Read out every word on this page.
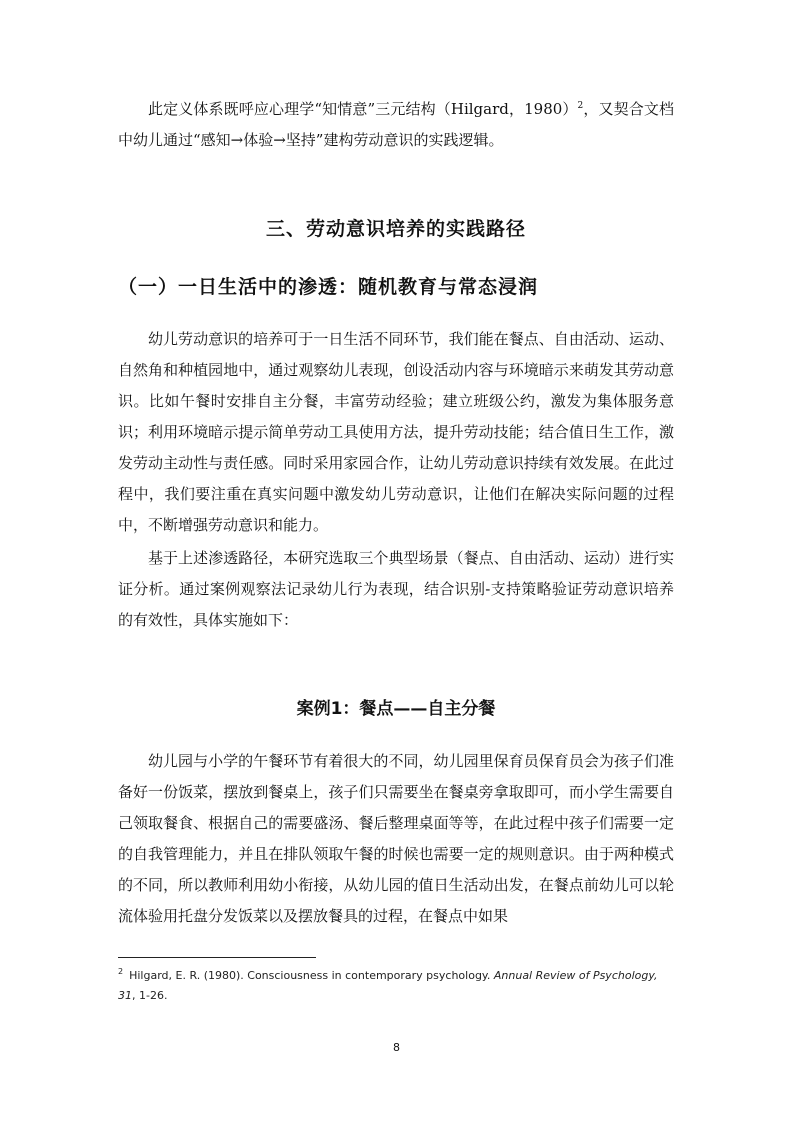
此定义体系既呼应心理学“知情意”三元结构（Hilgard，1980）$^2$，又契合文档中幼儿通过“感知→体验→坚持”建构劳动意识的实践逻辑。

三、劳动意识培养的实践路径
（一）一日生活中的渗透：随机教育与常态浸润

幼儿劳动意识的培养可于一日生活不同环节，我们能在餐点、自由活动、运动、自然角和种植园地中，通过观察幼儿表现，创设活动内容与环境暗示来萌发其劳动意识。比如午餐时安排自主分餐，丰富劳动经验；建立班级公约，激发为集体服务意识；利用环境暗示提示简单劳动工具使用方法，提升劳动技能；结合值日生工作，激发劳动主动性与责任感。同时采用家园合作，让幼儿劳动意识持续有效发展。在此过程中，我们要注重在真实问题中激发幼儿劳动意识，让他们在解决实际问题的过程中，不断增强劳动意识和能力。

基于上述渗透路径，本研究选取三个典型场景（餐点、自由活动、运动）进行实证分析。通过案例观察法记录幼儿行为表现，结合识别-支持策略验证劳动意识培养的有效性，具体实施如下：

案例1：餐点——自主分餐

幼儿园与小学的午餐环节有着很大的不同，幼儿园里保育员保育员会为孩子们准备好一份饭菜，摆放到餐桌上，孩子们只需要坐在餐桌旁拿取即可，而小学生需要自己领取餐食、根据自己的需要盛汤、餐后整理桌面等等，在此过程中孩子们需要一定的自我管理能力，并且在排队领取午餐的时候也需要一定的规则意识。由于两种模式的不同，所以教师利用幼小衔接，从幼儿园的值日生活动出发，在餐点前幼儿可以轮流体验用托盘分发饭菜以及摆放餐具的过程，在餐点中如果

$^2$ Hilgard, E. R. (1980). Consciousness in contemporary psychology. Annual Review of Psychology, 31, 1-26.

8
